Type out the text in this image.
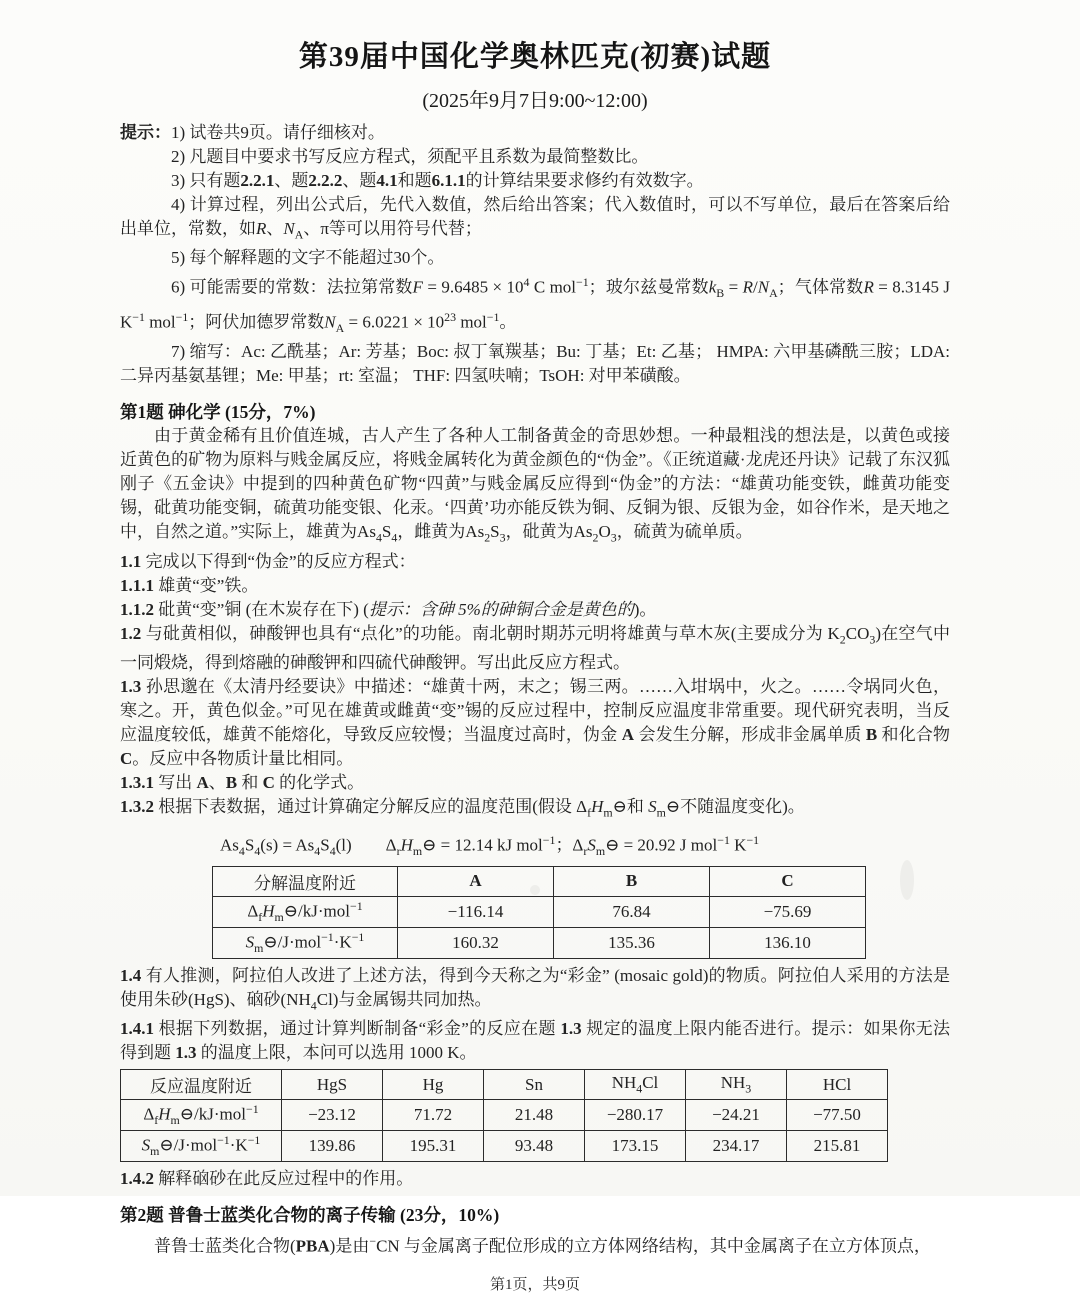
第39届中国化学奥林匹克(初赛)试题
(2025年9月7日9:00~12:00)

提示：1) 试卷共9页。请仔细核对。

2) 凡题目中要求书写反应方程式，须配平且系数为最简整数比。

3) 只有题2.2.1、题2.2.2、题4.1和题6.1.1的计算结果要求修约有效数字。

4) 计算过程，列出公式后，先代入数值，然后给出答案；代入数值时，可以不写单位，最后在答案后给出单位，常数，如R、$N_A$、π等可以用符号代替；

5) 每个解释题的文字不能超过30个。

6) 可能需要的常数：法拉第常数$F = 9.6485 \times 10^4$ C mol$^{-1}$；玻尔兹曼常数$k_B = R/N_A$；气体常数R = 8.3145 J $K^{-1}$ mol$^{-1}$；阿伏加德罗常数$N_A = 6.0221 \times 10^{23}$ mol$^{-1}$。

7) 缩写：Ac: 乙酰基；Ar: 芳基；Boc: 叔丁氧羰基；Bu: 丁基；Et: 乙基； HMPA: 六甲基磷酰三胺；LDA: 二异丙基氨基锂；Me: 甲基；rt: 室温； THF: 四氢呋喃；TsOH: 对甲苯磺酸。

第1题 砷化学 (15分，7%)

由于黄金稀有且价值连城，古人产生了各种人工制备黄金的奇思妙想。一种最粗浅的想法是，以黄色或接近黄色的矿物为原料与贱金属反应，将贱金属转化为黄金颜色的“伪金”。《正统道藏·龙虎还丹诀》记载了东汉狐刚子《五金诀》中提到的四种黄色矿物“四黄”与贱金属反应得到“伪金”的方法：“雄黄功能变铁，雌黄功能变锡，砒黄功能变铜，硫黄功能变银、化汞。‘四黄’功亦能反铁为铜、反铜为银、反银为金，如谷作米，是天地之中，自然之道。”实际上，雄黄为$As_4S_4$，雌黄为$As_2S_3$，砒黄为$As_2O_3$，硫黄为硫单质。

1.1 完成以下得到“伪金”的反应方程式：

1.1.1 雄黄“变”铁。

1.1.2 砒黄“变”铜 (在木炭存在下) (提示：含砷 5%的砷铜合金是黄色的)。

1.2 与砒黄相似，砷酸钾也具有“点化”的功能。南北朝时期苏元明将雄黄与草木灰(主要成分为 $K_2CO_3$)在空气中一同煅烧，得到熔融的砷酸钾和四硫代砷酸钾。写出此反应方程式。

1.3 孙思邈在《太清丹经要诀》中描述：“雄黄十两，末之；锡三两。……入坩埚中，火之。……令埚同火色，寒之。开，黄色似金。”可见在雄黄或雌黄“变”锡的反应过程中，控制反应温度非常重要。现代研究表明，当反应温度较低，雄黄不能熔化，导致反应较慢；当温度过高时，伪金 A 会发生分解，形成非金属单质 B 和化合物 C。反应中各物质计量比相同。

1.3.1 写出 A、B 和 C 的化学式。

1.3.2 根据下表数据，通过计算确定分解反应的温度范围(假设 $\Delta_fH_m⊖$和 $S_m⊖$不随温度变化)。

$As_4S_4(s) = As_4S_4(l)$  $\Delta_rH_m⊖ = 12.14$ kJ mol$^{-1}$；$\Delta_rS_m⊖ = 20.92$ J mol$^{-1}$ $K^{-1}$
分解温度附近	A	B	C
$\Delta_fH_m⊖/kJ\cdot mol^{-1}$	−116.14	76.84	−75.69
$S_m⊖/J\cdot mol^{-1}\cdot K^{-1}$	160.32	135.36	136.10

1.4 有人推测，阿拉伯人改进了上述方法，得到今天称之为“彩金” (mosaic gold)的物质。阿拉伯人采用的方法是使用朱砂(HgS)、硇砂$(NH_4Cl)$与金属锡共同加热。

1.4.1 根据下列数据，通过计算判断制备“彩金”的反应在题 1.3 规定的温度上限内能否进行。提示：如果你无法得到题 1.3 的温度上限，本问可以选用 1000 K。

反应温度附近	HgS	Hg	Sn	$NH_4Cl$	$NH_3$	HCl
$\Delta_fH_m⊖/kJ\cdot mol^{-1}$	−23.12	71.72	21.48	−280.17	−24.21	−77.50
$S_m⊖/J\cdot mol^{-1}\cdot K^{-1}$	139.86	195.31	93.48	173.15	234.17	215.81

1.4.2 解释硇砂在此反应过程中的作用。

第2题 普鲁士蓝类化合物的离子传输 (23分，10%)

普鲁士蓝类化合物(PBA)是由−CN 与金属离子配位形成的立方体网络结构，其中金属离子在立方体顶点，

第1页，共9页
